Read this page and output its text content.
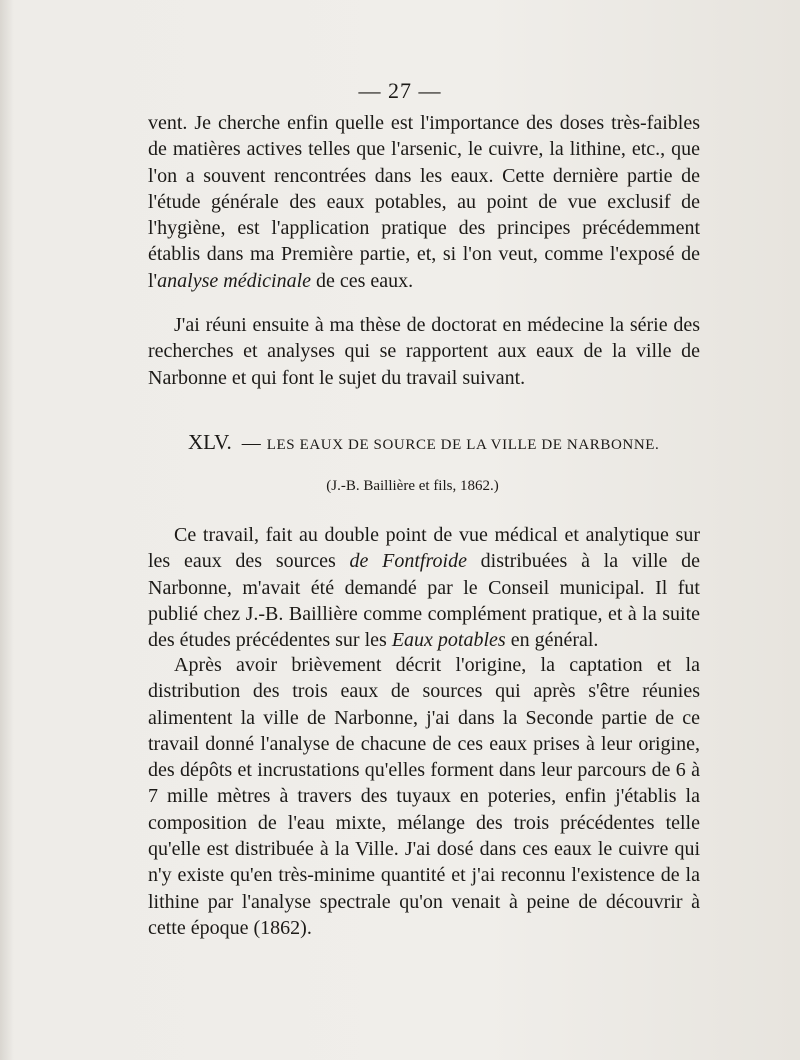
— 27 —
vent. Je cherche enfin quelle est l'importance des doses très-faibles de matières actives telles que l'arsenic, le cuivre, la lithine, etc., que l'on a souvent rencontrées dans les eaux. Cette dernière partie de l'étude générale des eaux potables, au point de vue exclusif de l'hygiène, est l'application pratique des principes précédemment établis dans ma Première partie, et, si l'on veut, comme l'exposé de l'analyse médicinale de ces eaux.
J'ai réuni ensuite à ma thèse de doctorat en médecine la série des recherches et analyses qui se rapportent aux eaux de la ville de Narbonne et qui font le sujet du travail suivant.
XLV. — LES EAUX DE SOURCE DE LA VILLE DE NARBONNE.
(J.-B. Baillière et fils, 1862.)
Ce travail, fait au double point de vue médical et analytique sur les eaux des sources de Fontfroide distribuées à la ville de Narbonne, m'avait été demandé par le Conseil municipal. Il fut publié chez J.-B. Baillière comme complément pratique, et à la suite des études précédentes sur les Eaux potables en général.
Après avoir brièvement décrit l'origine, la captation et la distribution des trois eaux de sources qui après s'être réunies alimentent la ville de Narbonne, j'ai dans la Seconde partie de ce travail donné l'analyse de chacune de ces eaux prises à leur origine, des dépôts et incrustations qu'elles forment dans leur parcours de 6 à 7 mille mètres à travers des tuyaux en poteries, enfin j'établis la composition de l'eau mixte, mélange des trois précédentes telle qu'elle est distribuée à la Ville. J'ai dosé dans ces eaux le cuivre qui n'y existe qu'en très-minime quantité et j'ai reconnu l'existence de la lithine par l'analyse spectrale qu'on venait à peine de découvrir à cette époque (1862).
